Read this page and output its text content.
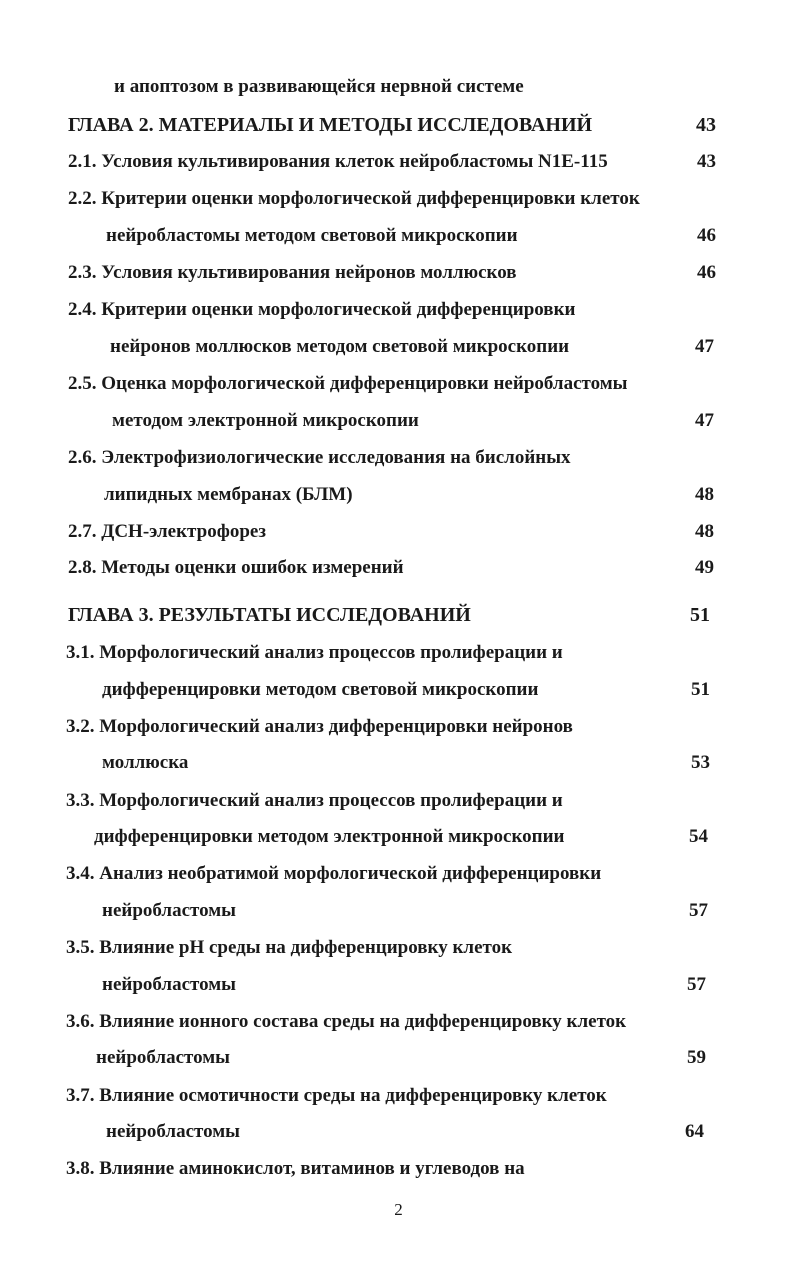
и апоптозом в развивающейся нервной системе
ГЛАВА 2. МАТЕРИАЛЫ И МЕТОДЫ ИССЛЕДОВАНИЙ	43
2.1. Условия культивирования клеток нейробластомы N1E-115	43
2.2. Критерии оценки морфологической дифференцировки клеток
нейробластомы методом световой микроскопии	46
2.3. Условия культивирования нейронов моллюсков	46
2.4. Критерии оценки морфологической дифференцировки
нейронов моллюсков методом световой микроскопии	47
2.5. Оценка морфологической дифференцировки нейробластомы
методом электронной микроскопии	47
2.6. Электрофизиологические исследования на бислойных
липидных мембранах (БЛМ)	48
2.7. ДСН-электрофорез	48
2.8. Методы оценки ошибок измерений	49
ГЛАВА 3. РЕЗУЛЬТАТЫ ИССЛЕДОВАНИЙ	51
3.1. Морфологический анализ процессов пролиферации и
дифференцировки методом световой микроскопии	51
3.2. Морфологический анализ дифференцировки нейронов
моллюска	53
3.3. Морфологический анализ процессов пролиферации и
дифференцировки методом электронной микроскопии	54
3.4. Анализ необратимой морфологической дифференцировки
нейробластомы	57
3.5. Влияние pH среды на дифференцировку клеток
нейробластомы	57
3.6. Влияние ионного состава среды на дифференцировку клеток
нейробластомы	59
3.7. Влияние осмотичности среды на дифференцировку клеток
нейробластомы	64
3.8. Влияние аминокислот, витаминов и углеводов на
2
